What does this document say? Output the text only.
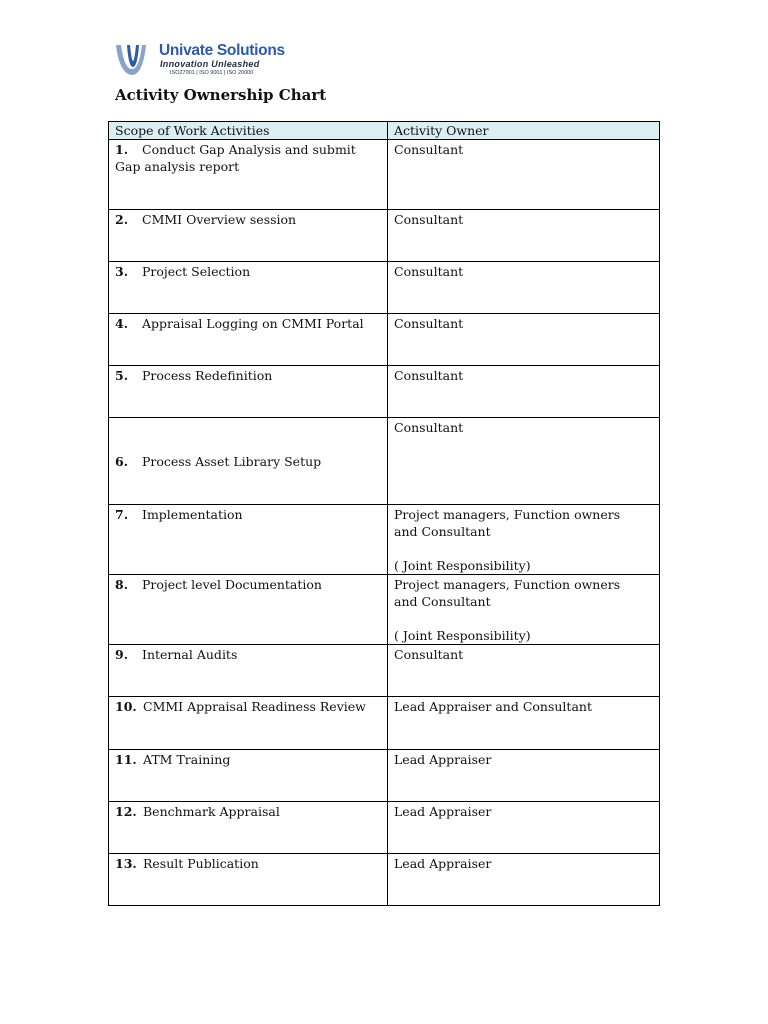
Univate Solutions
Innovation Unleashed
ISO27001 | ISO 9001 | ISO 20000
Activity Ownership Chart
Scope of Work Activities	Activity Owner
1. Conduct Gap Analysis and submit
Gap analysis report	Consultant
2. CMMI Overview session	Consultant
3. Project Selection	Consultant
4. Appraisal Logging on CMMI Portal	Consultant
5. Process Redefinition	Consultant
6. Process Asset Library Setup	Consultant
7. Implementation	Project managers, Function owners
and Consultant

( Joint Responsibility)
8. Project level Documentation	Project managers, Function owners
and Consultant

( Joint Responsibility)
9. Internal Audits	Consultant
10. CMMI Appraisal Readiness Review	Lead Appraiser and Consultant
11. ATM Training	Lead Appraiser
12. Benchmark Appraisal	Lead Appraiser
13. Result Publication	Lead Appraiser
